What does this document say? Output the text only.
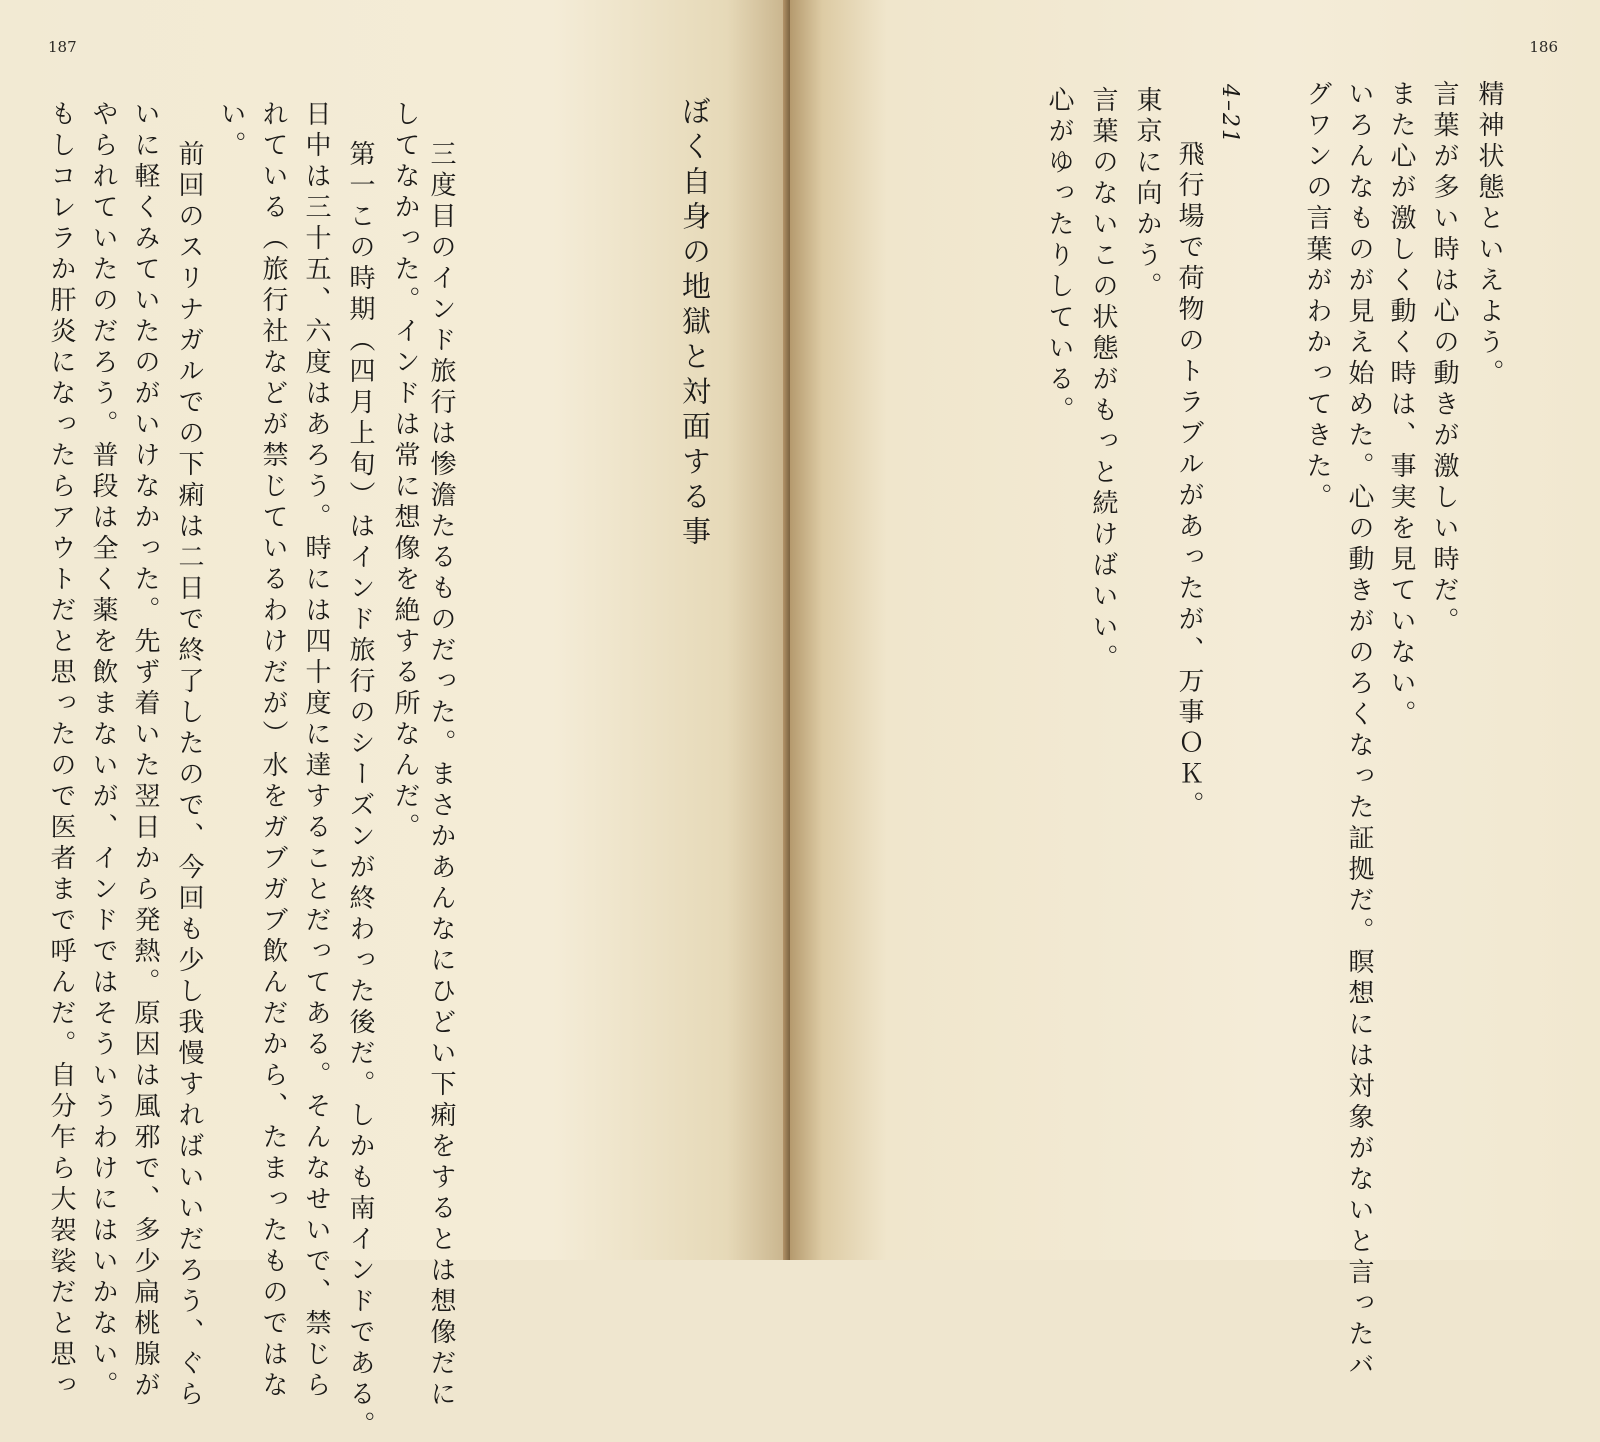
187
ぼく自身の地獄と対面する事
三度目のインド旅行は惨澹たるものだった。まさかあんなにひどい下痢をするとは想像だに
してなかった。インドは常に想像を絶する所なんだ。
第一この時期（四月上旬）はインド旅行のシーズンが終わった後だ。しかも南インドである。
日中は三十五、六度はあろう。時には四十度に達することだってある。そんなせいで、禁じら
れている（旅行社などが禁じているわけだが）水をガブガブ飲んだから、たまったものではな
い。
前回のスリナガルでの下痢は二日で終了したので、今回も少し我慢すればいいだろう、ぐら
いに軽くみていたのがいけなかった。先ず着いた翌日から発熱。原因は風邪で、多少扁桃腺が
やられていたのだろう。普段は全く薬を飲まないが、インドではそういうわけにはいかない。
もしコレラか肝炎になったらアウトだと思ったので医者まで呼んだ。自分乍ら大袈裟だと思っ
186
精神状態といえよう。
言葉が多い時は心の動きが激しい時だ。
また心が激しく動く時は、事実を見ていない。
いろんなものが見え始めた。心の動きがのろくなった証拠だ。瞑想には対象がないと言ったバ
グワンの言葉がわかってきた。
4–21
飛行場で荷物のトラブルがあったが、万事ＯＫ。
東京に向かう。
言葉のないこの状態がもっと続けばいい。
心がゆったりしている。
